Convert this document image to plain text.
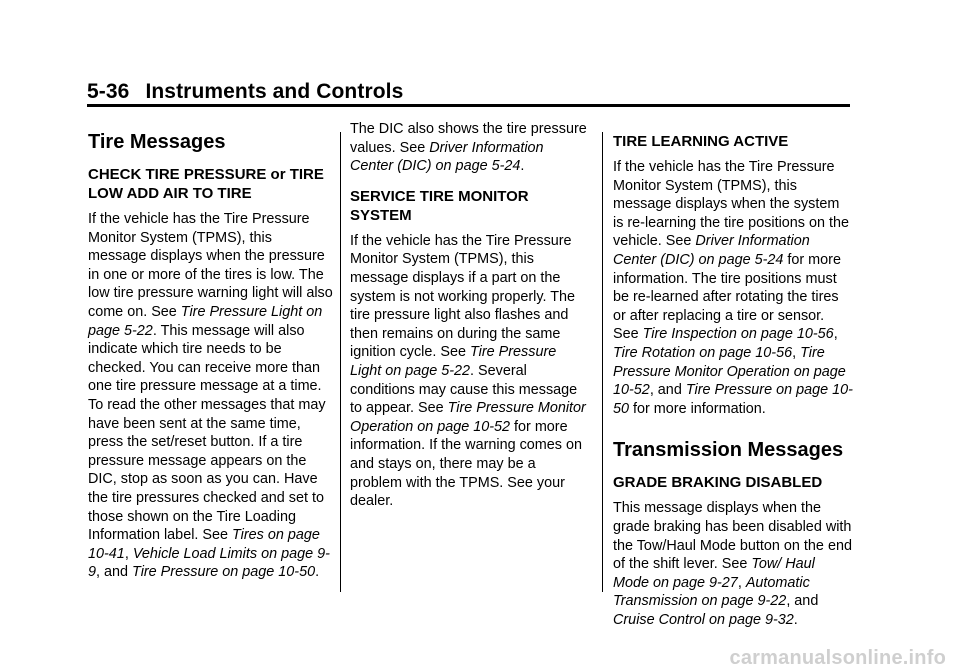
5-36 Instruments and Controls
Tire Messages
CHECK TIRE PRESSURE or TIRE LOW ADD AIR TO TIRE

If the vehicle has the Tire Pressure Monitor System (TPMS), this message displays when the pressure in one or more of the tires is low. The low tire pressure warning light will also come on. See Tire Pressure Light on page 5-22. This message will also indicate which tire needs to be checked. You can receive more than one tire pressure message at a time. To read the other messages that may have been sent at the same time, press the set/reset button. If a tire pressure message appears on the DIC, stop as soon as you can. Have the tire pressures checked and set to those shown on the Tire Loading Information label. See Tires on page 10-41, Vehicle Load Limits on page 9-9, and Tire Pressure on page 10-50.

The DIC also shows the tire pressure values. See Driver Information Center (DIC) on page 5-24.

SERVICE TIRE MONITOR SYSTEM

If the vehicle has the Tire Pressure Monitor System (TPMS), this message displays if a part on the system is not working properly. The tire pressure light also flashes and then remains on during the same ignition cycle. See Tire Pressure Light on page 5-22. Several conditions may cause this message to appear. See Tire Pressure Monitor Operation on page 10-52 for more information. If the warning comes on and stays on, there may be a problem with the TPMS. See your dealer.

TIRE LEARNING ACTIVE

If the vehicle has the Tire Pressure Monitor System (TPMS), this message displays when the system is re-learning the tire positions on the vehicle. See Driver Information Center (DIC) on page 5-24 for more information. The tire positions must be re-learned after rotating the tires or after replacing a tire or sensor. See Tire Inspection on page 10-56, Tire Rotation on page 10-56, Tire Pressure Monitor Operation on page 10-52, and Tire Pressure on page 10-50 for more information.

Transmission Messages
GRADE BRAKING DISABLED

This message displays when the grade braking has been disabled with the Tow/Haul Mode button on the end of the shift lever. See Tow/ Haul Mode on page 9-27, Automatic Transmission on page 9-22, and Cruise Control on page 9-32.

carmanualsonline.info
